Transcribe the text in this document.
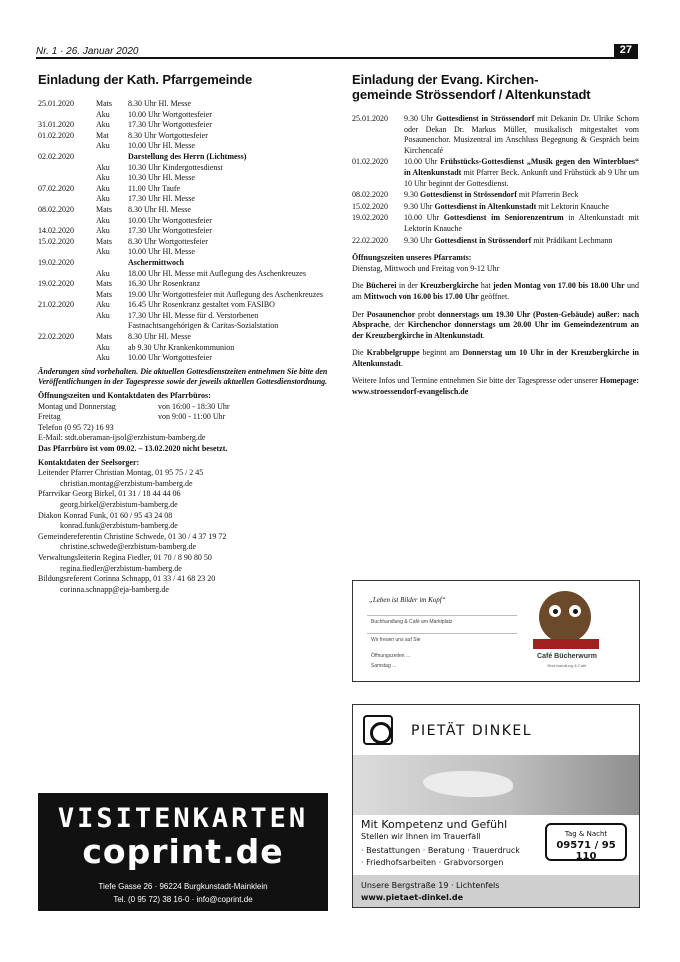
Nr. 1 · 26. Januar 2020	27
Einladung der Kath. Pfarrgemeinde
25.01.2020	Mats	8.30 Uhr Hl. Messe
Aku	10.00 Uhr Wortgottesfeier
31.01.2020	Aku	17.30 Uhr Wortgottesfeier
01.02.2020	Mat	8.30 Uhr Wortgottesfeier
Aku	10.00 Uhr Hl. Messe
02.02.2020	Darstellung des Herrn (Lichtmess)
Aku	10.30 Uhr Kindergottesdienst
Aku	10.30 Uhr Hl. Messe
07.02.2020	Aku	11.00 Uhr Taufe
Aku	17.30 Uhr Hl. Messe
08.02.2020	Mats	8.30 Uhr Hl. Messe
Aku	10.00 Uhr Wortgottesfeier
14.02.2020	Aku	17.30 Uhr Wortgottesfeier
15.02.2020	Mats	8.30 Uhr Wortgottesfeier
Aku	10.00 Uhr Hl. Messe
19.02.2020	Aschermittwoch
Aku	18.00 Uhr Hl. Messe mit Auflegung des Aschenkreuzes
19.02.2020	Mats	16.30 Uhr Rosenkranz
Mats	19.00 Uhr Wortgottesfeier mit Auflegung des Aschenkreuzes
21.02.2020	Aku	16.45 Uhr Rosenkranz gestaltet vom FASIBO
Aku	17.30 Uhr Hl. Messe für d. Verstorbenen Fastnachtsangehörigen & Caritas-Sozialstation
22.02.2020	Mats	8.30 Uhr Hl. Messe
Aku	ab 9.30 Uhr Krankenkommunion
Aku	10.00 Uhr Wortgottesfeier
Änderungen sind vorbehalten. Die aktuellen Gottesdienstzeiten entnehmen Sie bitte den Veröffentlichungen in der Tagespresse sowie der jeweils aktuellen Gottesdienstordnung.
Öffnungszeiten und Kontaktdaten des Pfarrbüros:
Montag und Donnerstag	von 16:00 - 18:30 Uhr
Freitag	von 9:00 - 11:00 Uhr
Telefon (0 95 72) 16 93
E-Mail: stdt.oberaman-ijsol@erzbistum-bamberg.de
Das Pfarrbüro ist vom 09.02. – 13.02.2020 nicht besetzt.
Kontaktdaten der Seelsorger:
Leitender Pfarrer Christian Montag, 01 95 75 / 2 45
christian.montag@erzbistum-bamberg.de
Pfarrvikar Georg Birkel, 01 31 / 18 44 44 06
georg.birkel@erzbistum-bamberg.de
Diakon Konrad Funk, 01 60 / 95 43 24 08
konrad.funk@erzbistum-bamberg.de
Gemeindereferentin Christine Schwede, 01 30 / 4 37 19 72
christine.schwede@erzbistum-bamberg.de
Verwaltungsleiterin Regina Fiedler, 01 70 / 8 90 80 50
regina.fiedler@erzbistum-bamberg.de
Bildungsreferent Corinna Schnapp, 01 33 / 41 68 23 20
corinna.schnapp@eja-bamberg.de
VISITENKARTEN
coprint.de
Tiefe Gasse 26 · 96224 Burgkunstadt-Mainklein
Tel. (0 95 72) 38 16-0 · info@coprint.de
Einladung der Evang. Kirchen-
gemeinde Strössendorf / Altenkunstadt
25.01.2020	9.30 Uhr Gottesdienst in Strössendorf mit Dekanin Dr. Ulrike Schorn oder Dekan Dr. Markus Müller, musikalisch mitgestaltet vom Posaunenchor. Musizentral im Anschluss Begegnung & Gespräch beim Kirchencafé
01.02.2020	10.00 Uhr Frühstücks-Gottesdienst „Musik gegen den Winterblues“ in Altenkunstadt mit Pfarrer Beck. Ankunft und Frühstück ab 9 Uhr um 10 Uhr beginnt der Gottesdienst.
08.02.2020	9.30 Gottesdienst in Strössendorf mit Pfarrerin Beck
15.02.2020	9.30 Uhr Gottesdienst in Altenkunstadt mit Lektorin Knauche
19.02.2020	10.00 Uhr Gottesdienst im Seniorenzentrum in Altenkunstadt mit Lektorin Knauche
22.02.2020	9.30 Uhr Gottesdienst in Strössendorf mit Prädikant Lechmann
Öffnungszeiten unseres Pfarramts:
Dienstag, Mittwoch und Freitag von 9-12 Uhr
Die Bücherei in der Kreuzbergkirche hat jeden Montag von 17.00 bis 18.00 Uhr und am Mittwoch von 16.00 bis 17.00 Uhr geöffnet.
Der Posaunenchor probt donnerstags um 19.30 Uhr (Posten-Gebäude) außer: nach Absprache, der Kirchenchor donnerstags um 20.00 Uhr im Gemeindezentrum an der Kreuzbergkirche in Altenkunstadt.
Die Krabbelgruppe beginnt am Donnerstag um 10 Uhr in der Kreuzbergkirche in Altenkunstadt.
Weitere Infos und Termine entnehmen Sie bitte der Tagespresse oder unserer Homepage: www.stroessendorf-evangelisch.de
„Leben ist Bilder im Kopf“
Buchhandlung & Café am Marktplatz
Wir freuen uns auf Sie
Öffnungszeiten ...
Samstag ...
Café Bücherwurm
Buchhandlung & Café
PIETÄT DINKEL
Mit Kompetenz und Gefühl
Stellen wir Ihnen im Trauerfall
· Bestattungen · Beratung · Trauerdruck
· Friedhofsarbeiten · Grabvorsorgen
Tag & Nacht
09571 / 95 110
Unsere Bergstraße 19 · Lichtenfels
www.pietaet-dinkel.de
